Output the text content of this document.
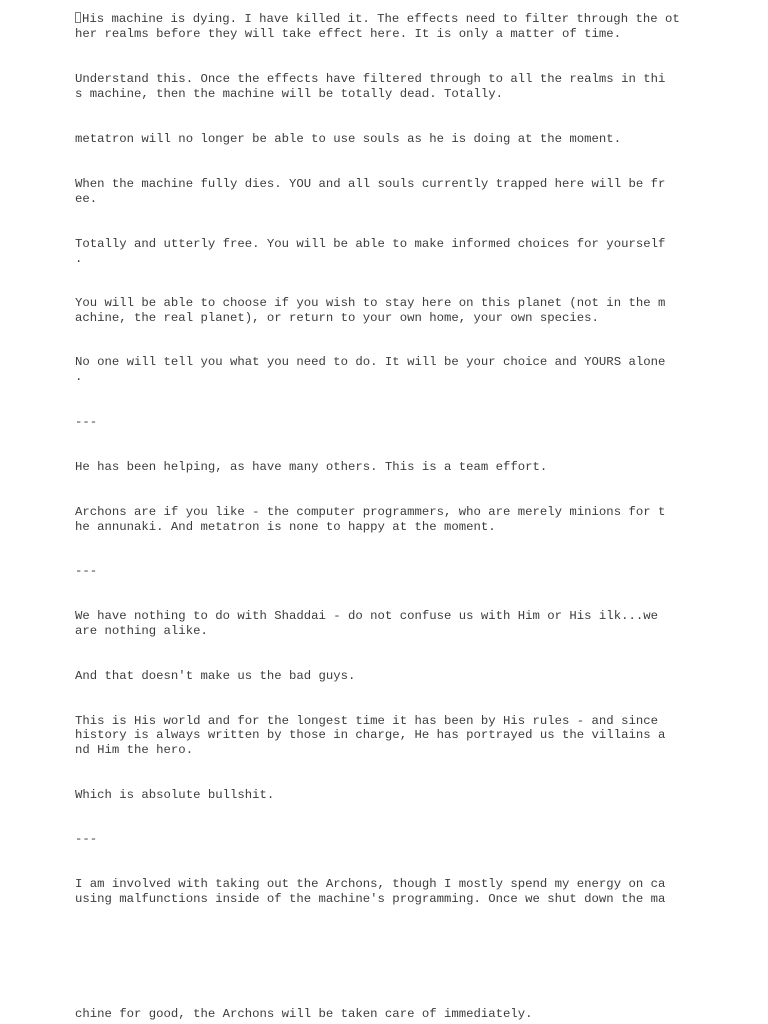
His machine is dying. I have killed it. The effects need to filter through the ot

her realms before they will take effect here. It is only a matter of time.

Understand this. Once the effects have filtered through to all the realms in thi

s machine, then the machine will be totally dead. Totally.

metatron will no longer be able to use souls as he is doing at the moment.

When the machine fully dies. YOU and all souls currently trapped here will be fr

ee.

Totally and utterly free. You will be able to make informed choices for yourself

.

You will be able to choose if you wish to stay here on this planet (not in the m

achine, the real planet), or return to your own home, your own species.

No one will tell you what you need to do. It will be your choice and YOURS alone

.

---

He has been helping, as have many others. This is a team effort.

Archons are if you like - the computer programmers, who are merely minions for t

he annunaki. And metatron is none to happy at the moment.

---

We have nothing to do with Shaddai - do not confuse us with Him or His ilk...we

are nothing alike.

And that doesn't make us the bad guys.

This is His world and for the longest time it has been by His rules - and since

history is always written by those in charge, He has portrayed us the villains a

nd Him the hero.

Which is absolute bullshit.

---

I am involved with taking out the Archons, though I mostly spend my energy on ca

using malfunctions inside of the machine's programming. Once we shut down the ma

chine for good, the Archons will be taken care of immediately.
